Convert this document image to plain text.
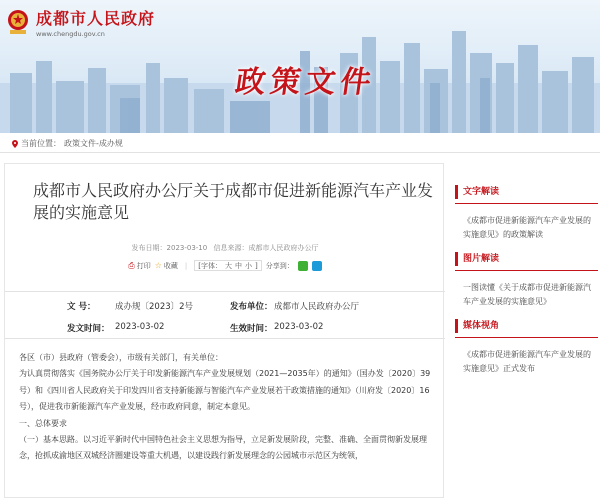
成都市人民政府
www.chengdu.gov.cn
政策文件
当前位置： 政策文件-成办规
成都市人民政府办公厅关于成都市促进新能源汽车产业发展的实施意见
发布日期：2023-03-10 信息来源：成都市人民政府办公厅
⎙ 打印 ☆ 收藏 | [字体： 大 中 小 ] 分享到：
文 号： 成办规〔2023〕2号	发布单位： 成都市人民政府办公厅
发文时间： 2023-03-02	生效时间： 2023-03-02

各区（市）县政府（管委会），市级有关部门，有关单位：

为认真贯彻落实《国务院办公厅关于印发新能源汽车产业发展规划（2021—2035年）的通知》（国办发〔2020〕39号）和《四川省人民政府关于印发四川省支持新能源与智能汽车产业发展若干政策措施的通知》（川府发〔2020〕16号），促进我市新能源汽车产业发展，经市政府同意，制定本意见。

一、总体要求

（一）基本思路。以习近平新时代中国特色社会主义思想为指导，立足新发展阶段，完整、准确、全面贯彻新发展理念，抢抓成渝地区双城经济圈建设等重大机遇，以建设践行新发展理念的公园城市示范区为统领，

文字解读
《成都市促进新能源汽车产业发展的实施意见》的政策解读
图片解读
一图读懂《关于成都市促进新能源汽车产业发展的实施意见》
媒体视角
《成都市促进新能源汽车产业发展的实施意见》正式发布
